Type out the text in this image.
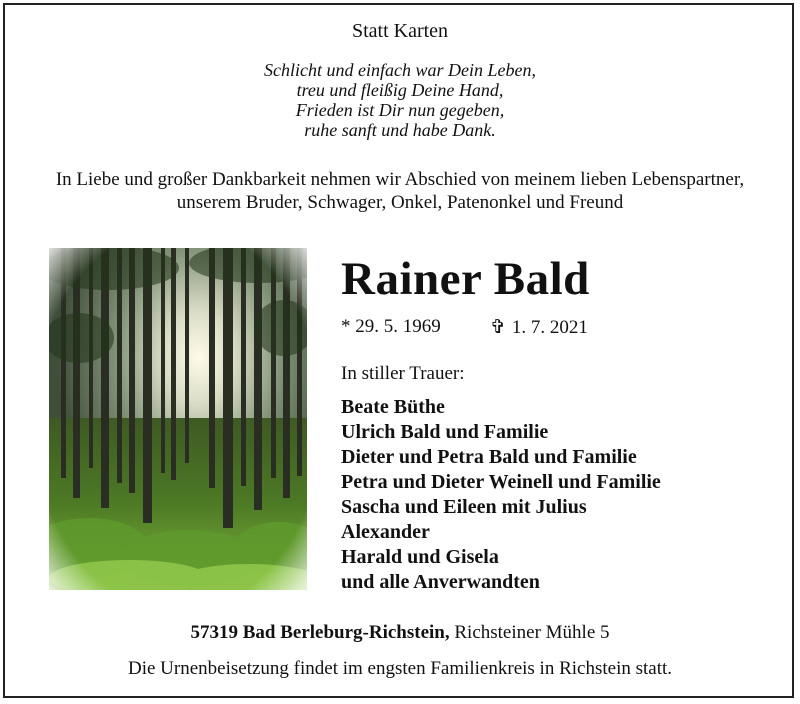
Statt Karten
Schlicht und einfach war Dein Leben,
treu und fleißig Deine Hand,
Frieden ist Dir nun gegeben,
ruhe sanft und habe Dank.
In Liebe und großer Dankbarkeit nehmen wir Abschied von meinem lieben Lebenspartner,
unserem Bruder, Schwager, Onkel, Patenonkel und Freund
Rainer Bald
* 29. 5. 1969	✞ 1. 7. 2021
In stiller Trauer:
Beate Büthe
Ulrich Bald und Familie
Dieter und Petra Bald und Familie
Petra und Dieter Weinell und Familie
Sascha und Eileen mit Julius
Alexander
Harald und Gisela
und alle Anverwandten
57319 Bad Berleburg-Richstein, Richsteiner Mühle 5
Die Urnenbeisetzung findet im engsten Familienkreis in Richstein statt.
